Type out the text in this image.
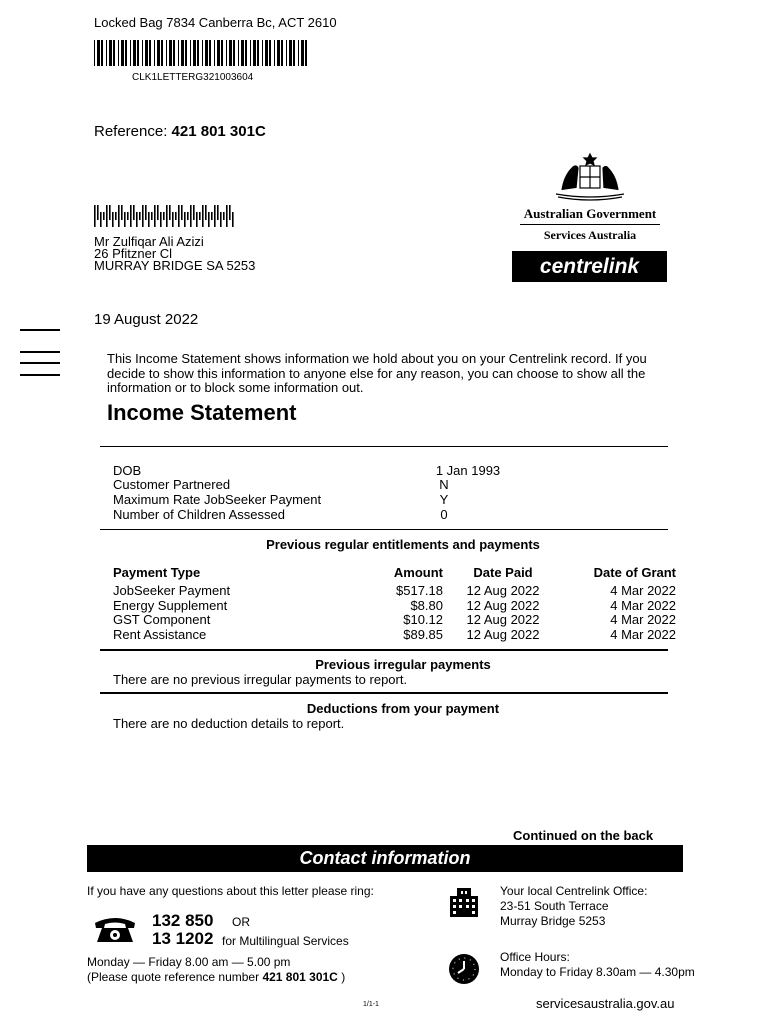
Locked Bag 7834 Canberra Bc, ACT 2610
CLK1LETTERG321003604
Reference: 421 801 301C
Mr Zulfiqar Ali Azizi
26 Pfitzner Cl
MURRAY BRIDGE SA 5253
Australian Government
Services Australia
centrelink
19 August 2022
This Income Statement shows information we hold about you on your Centrelink record. If you decide to show this information to anyone else for any reason, you can choose to show all the information or to block some information out.
Income Statement
DOB	1 Jan 1993
Customer Partnered	N
Maximum Rate JobSeeker Payment	Y
Number of Children Assessed	0
Previous regular entitlements and payments
Payment Type	Amount	Date Paid	Date of Grant
JobSeeker Payment	$517.18	12 Aug 2022	4 Mar 2022
Energy Supplement	$8.80	12 Aug 2022	4 Mar 2022
GST Component	$10.12	12 Aug 2022	4 Mar 2022
Rent Assistance	$89.85	12 Aug 2022	4 Mar 2022
Previous irregular payments
There are no previous irregular payments to report.
Deductions from your payment
There are no deduction details to report.
Continued on the back
Contact information
If you have any questions about this letter please ring:
132 850 OR
13 1202 for Multilingual Services
Monday — Friday 8.00 am — 5.00 pm
(Please quote reference number 421 801 301C )
Your local Centrelink Office:
23-51 South Terrace
Murray Bridge 5253
Office Hours:
Monday to Friday 8.30am — 4.30pm
1/1-1	servicesaustralia.gov.au
